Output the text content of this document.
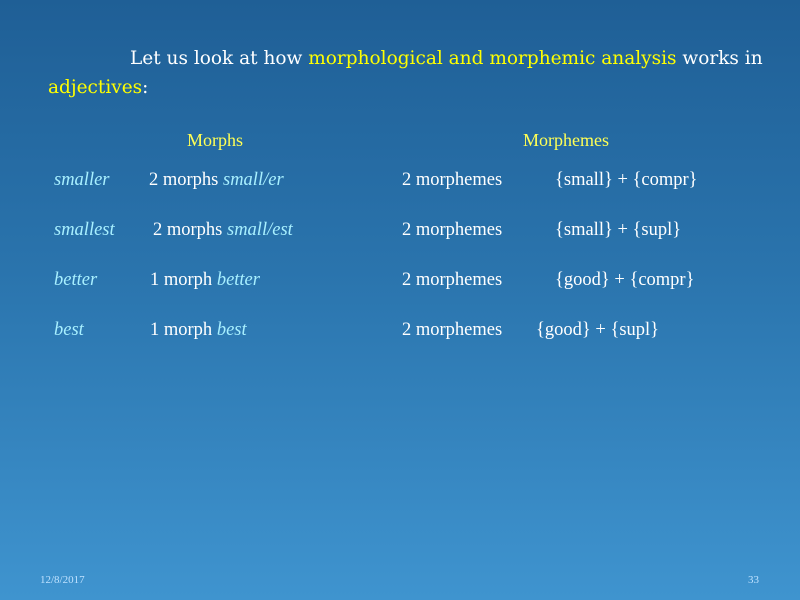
Let us look at how morphological and morphemic analysis works in adjectives:
Morphs	Morphemes
smaller 2 morphs small/er	2 morphemes	{small} + {compr}
smallest 2 morphs small/est	2 morphemes	{small} + {supl}
better	1 morph better	2 morphemes	{good} + {compr}
best	1 morph best	2 morphemes {good} + {supl}
12/8/2017	33
